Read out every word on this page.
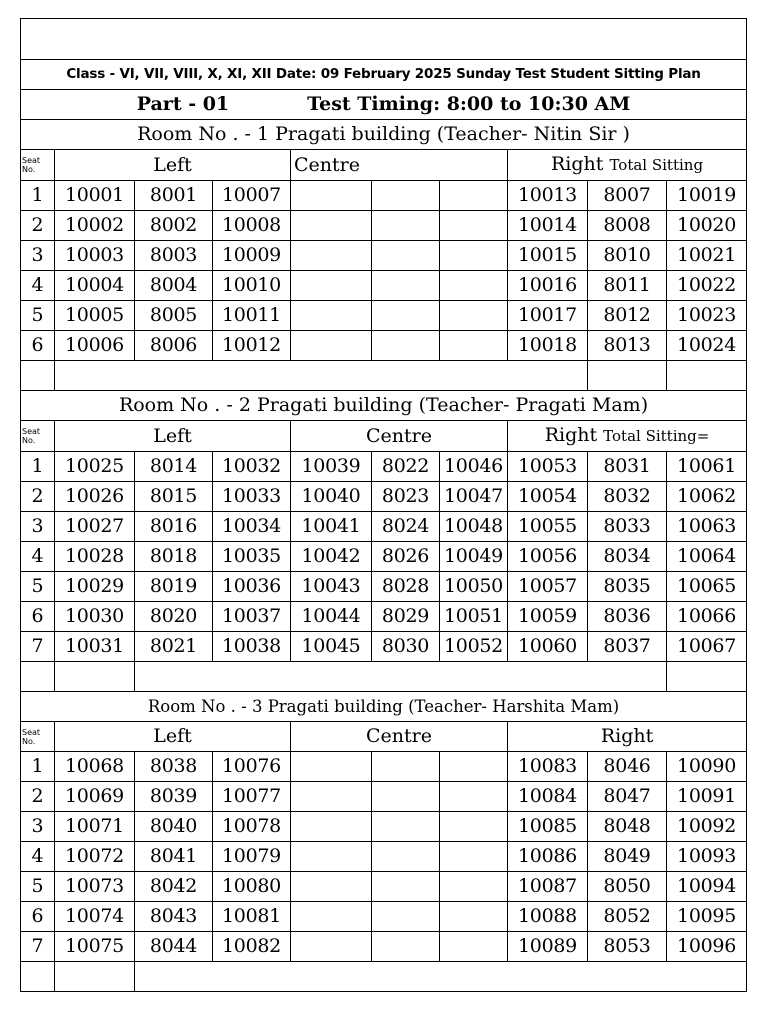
Class - VI, VII, VIII, X, XI, XII Date: 09 February 2025 Sunday Test Student Sitting Plan									
Part - 01 Test Timing: 8:00 to 10:30 AM									
Room No . - 1 Pragati building (Teacher- Nitin Sir )									
Seat No.	Left			Centre			Right Total Sitting		
1	10001	8001	10007				10013	8007	10019
2	10002	8002	10008				10014	8008	10020
3	10003	8003	10009				10015	8010	10021
4	10004	8004	10010				10016	8011	10022
5	10005	8005	10011				10017	8012	10023
6	10006	8006	10012				10018	8013	10024

Room No . - 2 Pragati building (Teacher- Pragati Mam)									
Seat No.	Left			Centre			Right Total Sitting=		
1	10025	8014	10032	10039	8022	10046	10053	8031	10061
2	10026	8015	10033	10040	8023	10047	10054	8032	10062
3	10027	8016	10034	10041	8024	10048	10055	8033	10063
4	10028	8018	10035	10042	8026	10049	10056	8034	10064
5	10029	8019	10036	10043	8028	10050	10057	8035	10065
6	10030	8020	10037	10044	8029	10051	10059	8036	10066
7	10031	8021	10038	10045	8030	10052	10060	8037	10067

Room No . - 3 Pragati building (Teacher- Harshita Mam)									
Seat No.	Left			Centre			Right		
1	10068	8038	10076				10083	8046	10090
2	10069	8039	10077				10084	8047	10091
3	10071	8040	10078				10085	8048	10092
4	10072	8041	10079				10086	8049	10093
5	10073	8042	10080				10087	8050	10094
6	10074	8043	10081				10088	8052	10095
7	10075	8044	10082				10089	8053	10096
